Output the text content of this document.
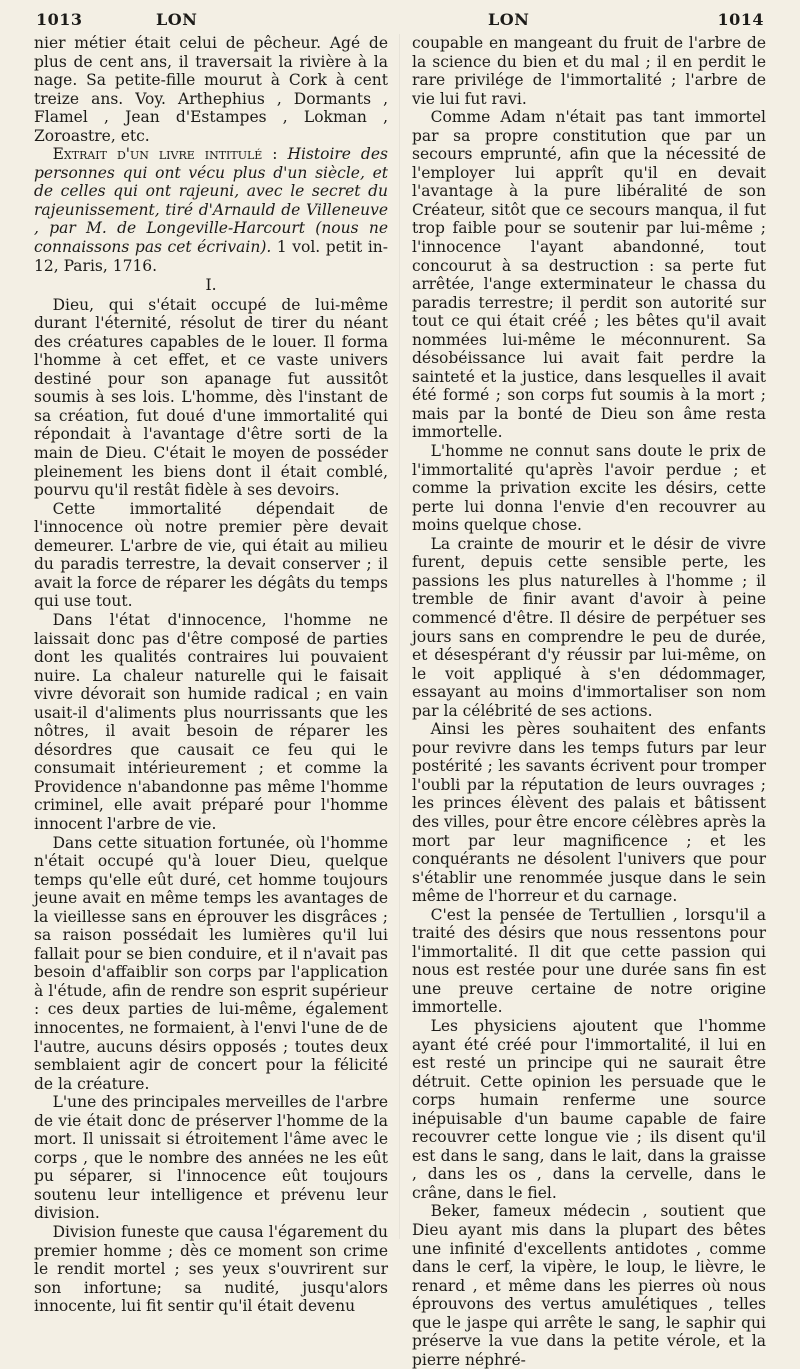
1013	LON	LON	1014

nier métier était celui de pêcheur. Agé de plus de cent ans, il traversait la rivière à la nage. Sa petite-fille mourut à Cork à cent treize ans. Voy. Arthephius , Dormants , Flamel , Jean d'Estampes , Lokman , Zoroastre, etc.

Extrait d'un livre intitulé : Histoire des personnes qui ont vécu plus d'un siècle, et de celles qui ont rajeuni, avec le secret du rajeunissement, tiré d'Arnauld de Villeneuve , par M. de Longeville-Harcourt (nous ne connaissons pas cet écrivain). 1 vol. petit in-12, Paris, 1716.

I.

Dieu, qui s'était occupé de lui-même durant l'éternité, résolut de tirer du néant des créatures capables de le louer. Il forma l'homme à cet effet, et ce vaste univers destiné pour son apanage fut aussitôt soumis à ses lois. L'homme, dès l'instant de sa création, fut doué d'une immortalité qui répondait à l'avantage d'être sorti de la main de Dieu. C'était le moyen de posséder pleinement les biens dont il était comblé, pourvu qu'il restât fidèle à ses devoirs.

Cette immortalité dépendait de l'innocence où notre premier père devait demeurer. L'arbre de vie, qui était au milieu du paradis terrestre, la devait conserver ; il avait la force de réparer les dégâts du temps qui use tout.

Dans l'état d'innocence, l'homme ne laissait donc pas d'être composé de parties dont les qualités contraires lui pouvaient nuire. La chaleur naturelle qui le faisait vivre dévorait son humide radical ; en vain usait-il d'aliments plus nourrissants que les nôtres, il avait besoin de réparer les désordres que causait ce feu qui le consumait intérieurement ; et comme la Providence n'abandonne pas même l'homme criminel, elle avait préparé pour l'homme innocent l'arbre de vie.

Dans cette situation fortunée, où l'homme n'était occupé qu'à louer Dieu, quelque temps qu'elle eût duré, cet homme toujours jeune avait en même temps les avantages de la vieillesse sans en éprouver les disgrâces ; sa raison possédait les lumières qu'il lui fallait pour se bien conduire, et il n'avait pas besoin d'affaiblir son corps par l'application à l'étude, afin de rendre son esprit supérieur : ces deux parties de lui-même, également innocentes, ne formaient, à l'envi l'une de de l'autre, aucuns désirs opposés ; toutes deux semblaient agir de concert pour la félicité de la créature.

L'une des principales merveilles de l'arbre de vie était donc de préserver l'homme de la mort. Il unissait si étroitement l'âme avec le corps , que le nombre des années ne les eût pu séparer, si l'innocence eût toujours soutenu leur intelligence et prévenu leur division.

Division funeste que causa l'égarement du premier homme ; dès ce moment son crime le rendit mortel ; ses yeux s'ouvrirent sur son infortune; sa nudité, jusqu'alors innocente, lui fit sentir qu'il était devenu

coupable en mangeant du fruit de l'arbre de la science du bien et du mal ; il en perdit le rare privilége de l'immortalité ; l'arbre de vie lui fut ravi.

Comme Adam n'était pas tant immortel par sa propre constitution que par un secours emprunté, afin que la nécessité de l'employer lui apprît qu'il en devait l'avantage à la pure libéralité de son Créateur, sitôt que ce secours manqua, il fut trop faible pour se soutenir par lui-même ; l'innocence l'ayant abandonné, tout concourut à sa destruction : sa perte fut arrêtée, l'ange exterminateur le chassa du paradis terrestre; il perdit son autorité sur tout ce qui était créé ; les bêtes qu'il avait nommées lui-même le méconnurent. Sa désobéissance lui avait fait perdre la sainteté et la justice, dans lesquelles il avait été formé ; son corps fut soumis à la mort ; mais par la bonté de Dieu son âme resta immortelle.

L'homme ne connut sans doute le prix de l'immortalité qu'après l'avoir perdue ; et comme la privation excite les désirs, cette perte lui donna l'envie d'en recouvrer au moins quelque chose.

La crainte de mourir et le désir de vivre furent, depuis cette sensible perte, les passions les plus naturelles à l'homme ; il tremble de finir avant d'avoir à peine commencé d'être. Il désire de perpétuer ses jours sans en comprendre le peu de durée, et désespérant d'y réussir par lui-même, on le voit appliqué à s'en dédommager, essayant au moins d'immortaliser son nom par la célébrité de ses actions.

Ainsi les pères souhaitent des enfants pour revivre dans les temps futurs par leur postérité ; les savants écrivent pour tromper l'oubli par la réputation de leurs ouvrages ; les princes élèvent des palais et bâtissent des villes, pour être encore célèbres après la mort par leur magnificence ; et les conquérants ne désolent l'univers que pour s'établir une renommée jusque dans le sein même de l'horreur et du carnage.

C'est la pensée de Tertullien , lorsqu'il a traité des désirs que nous ressentons pour l'immortalité. Il dit que cette passion qui nous est restée pour une durée sans fin est une preuve certaine de notre origine immortelle.

Les physiciens ajoutent que l'homme ayant été créé pour l'immortalité, il lui en est resté un principe qui ne saurait être détruit. Cette opinion les persuade que le corps humain renferme une source inépuisable d'un baume capable de faire recouvrer cette longue vie ; ils disent qu'il est dans le sang, dans le lait, dans la graisse , dans les os , dans la cervelle, dans le crâne, dans le fiel.

Beker, fameux médecin , soutient que Dieu ayant mis dans la plupart des bêtes une infinité d'excellents antidotes , comme dans le cerf, la vipère, le loup, le lièvre, le renard , et même dans les pierres où nous éprouvons des vertus amulétiques , telles que le jaspe qui arrête le sang, le saphir qui préserve la vue dans la petite vérole, et la pierre néphré-
